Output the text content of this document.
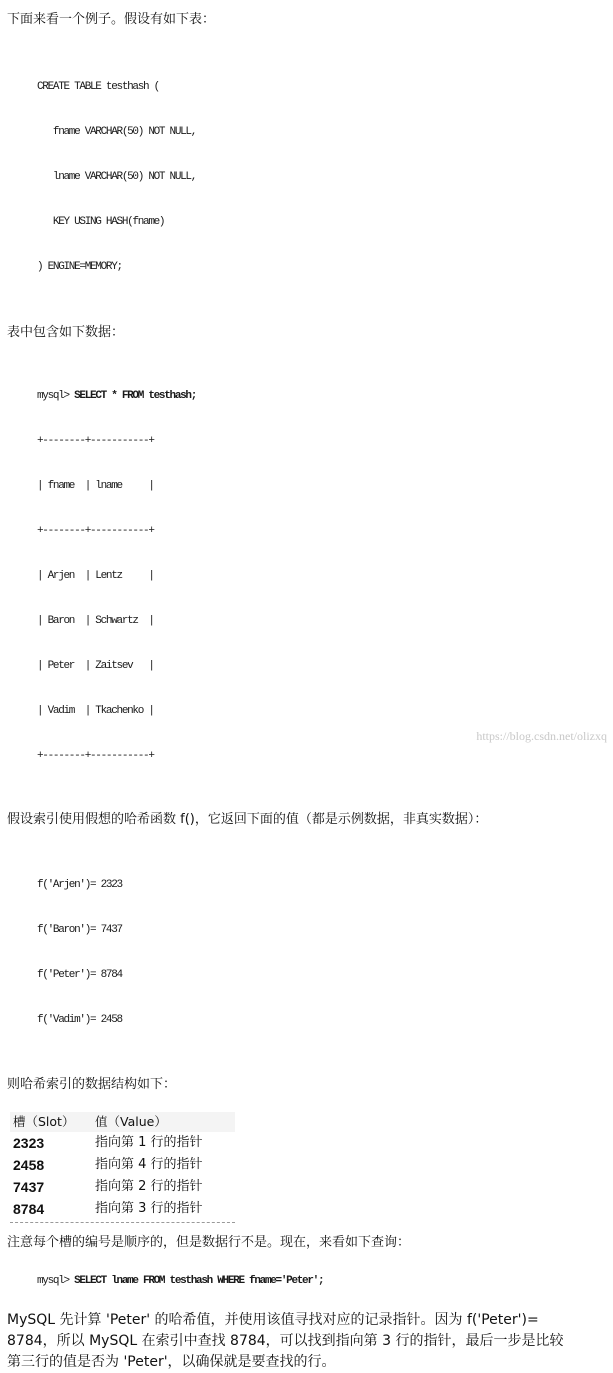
下面来看一个例子。假设有如下表：

CREATE TABLE testhash (

fname VARCHAR(50) NOT NULL,

lname VARCHAR(50) NOT NULL,

KEY USING HASH(fname)

) ENGINE=MEMORY;

表中包含如下数据：

mysql> SELECT * FROM testhash;

+--------+-----------+

| fname  | lname     |

+--------+-----------+

| Arjen  | Lentz     |

| Baron  | Schwartz  |

| Peter  | Zaitsev   |

| Vadim  | Tkachenko |

+--------+-----------+

假设索引使用假想的哈希函数 f()，它返回下面的值（都是示例数据，非真实数据）：

f('Arjen')= 2323

f('Baron')= 7437

f('Peter')= 8784

f('Vadim')= 2458

则哈希索引的数据结构如下：
槽（Slot） 值（Value）
2323	指向第 1 行的指针
2458	指向第 4 行的指针
7437	指向第 2 行的指针
8784	指向第 3 行的指针
注意每个槽的编号是顺序的，但是数据行不是。现在，来看如下查询：
mysql> SELECT lname FROM testhash WHERE fname='Peter';
MySQL 先计算 'Peter' 的哈希值，并使用该值寻找对应的记录指针。因为 f('Peter')=
8784，所以 MySQL 在索引中查找 8784，可以找到指向第 3 行的指针，最后一步是比较
第三行的值是否为 'Peter'，以确保就是要查找的行。
https://blog.csdn.net/olizxq
